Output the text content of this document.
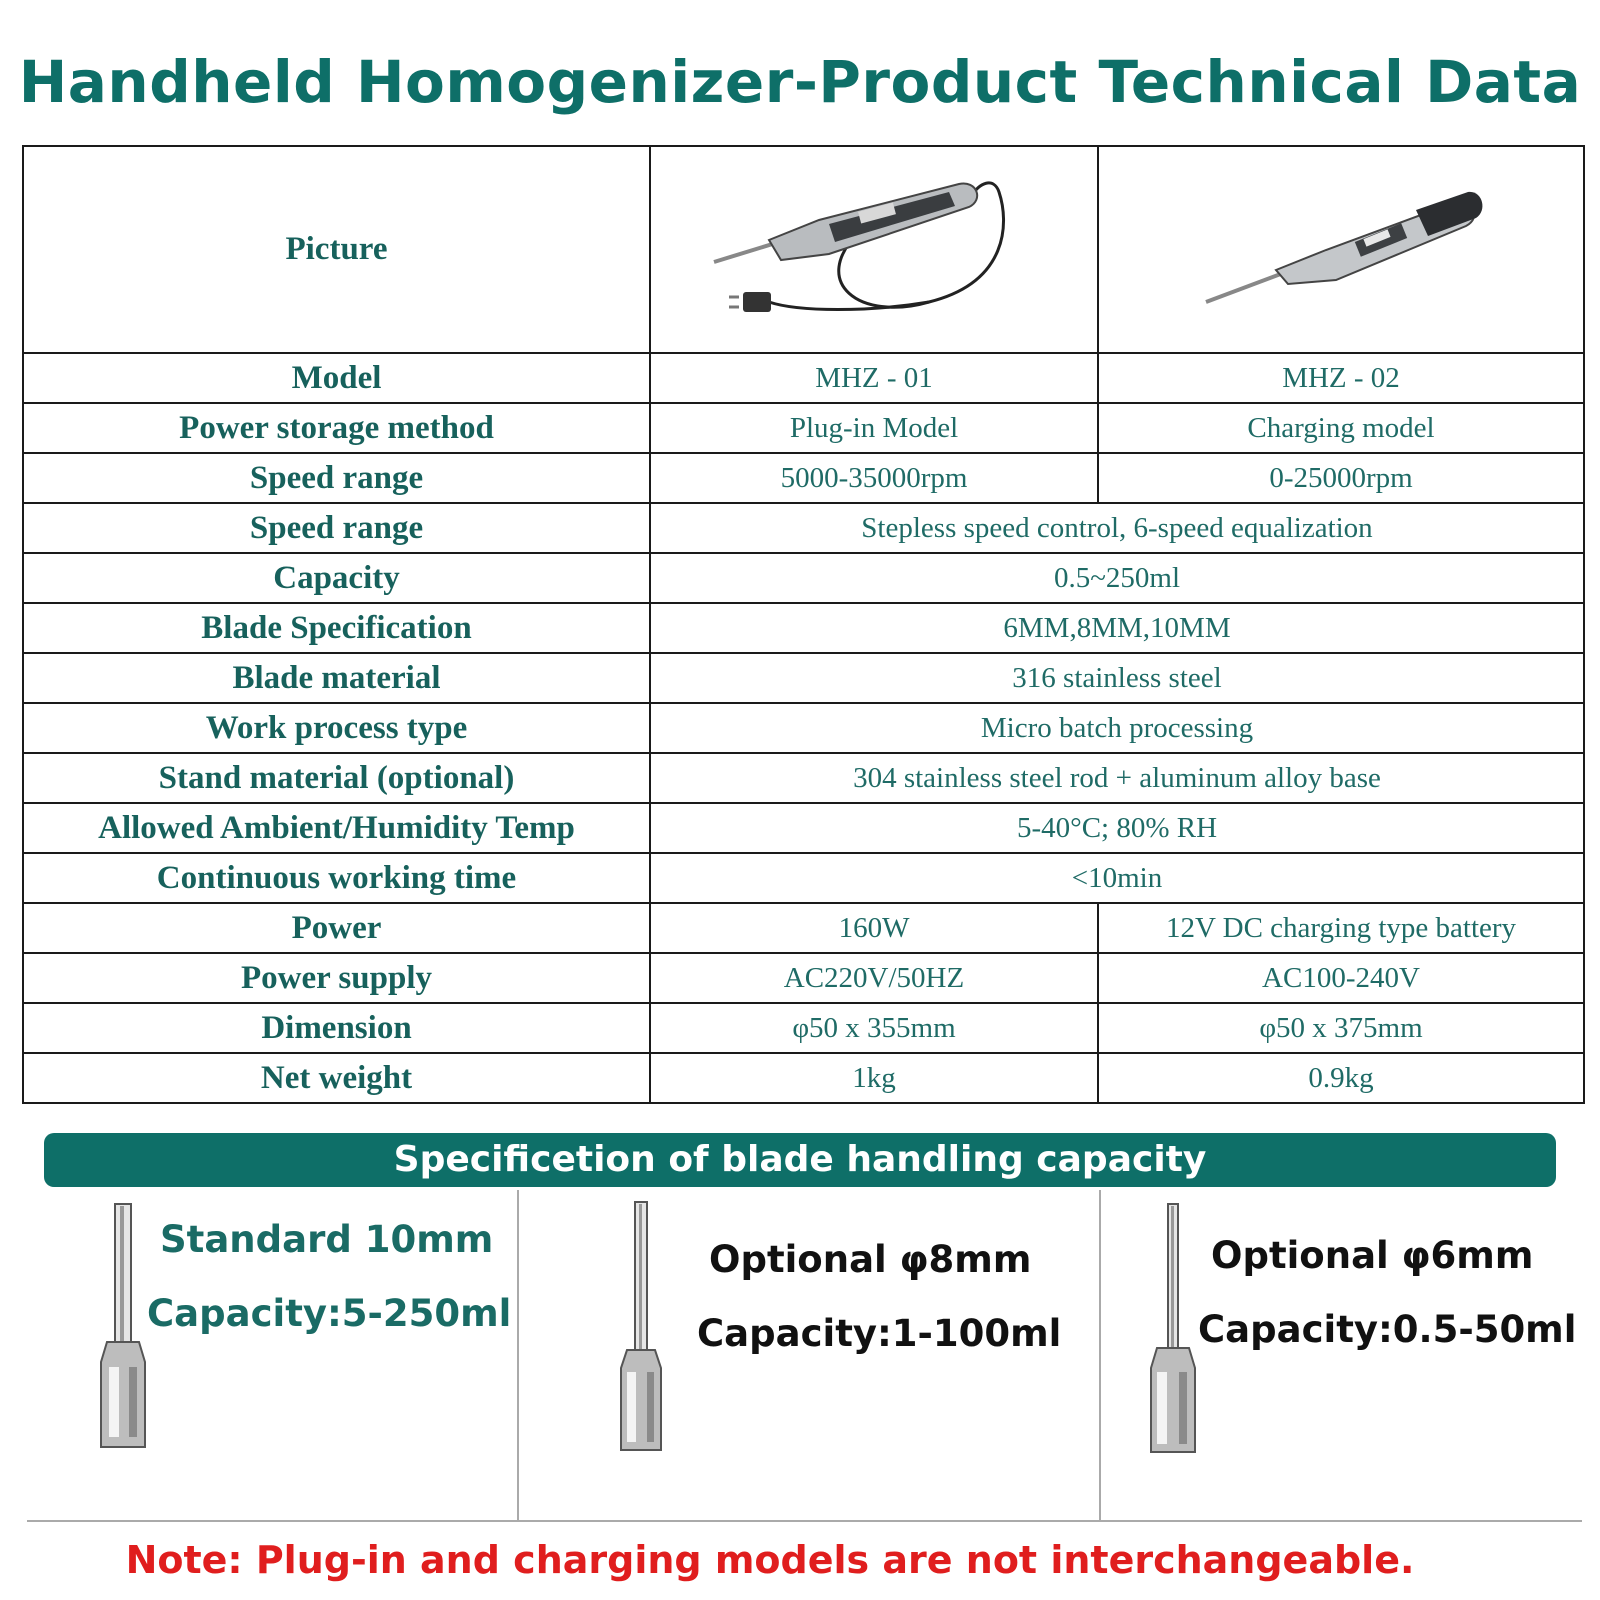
Handheld Homogenizer-Product Technical Data
Picture		
Model	MHZ - 01	MHZ - 02
Power storage method	Plug-in Model	Charging model
Speed range	5000-35000rpm	0-25000rpm
Speed range	Stepless speed control, 6-speed equalization	
Capacity	0.5~250ml	
Blade Specification	6MM,8MM,10MM	
Blade material	316 stainless steel	
Work process type	Micro batch processing	
Stand material (optional)	304 stainless steel rod + aluminum alloy base	
Allowed Ambient/Humidity Temp	5-40°C; 80% RH	
Continuous working time	<10min	
Power	160W	12V DC charging type battery
Power supply	AC220V/50HZ	AC100-240V
Dimension	φ50 x 355mm	φ50 x 375mm
Net weight	1kg	0.9kg
Specificetion of blade handling capacity
Standard 10mm
Capacity:5-250ml
Optional φ8mm
Capacity:1-100ml
Optional φ6mm
Capacity:0.5-50ml
Note: Plug-in and charging models are not interchangeable.
